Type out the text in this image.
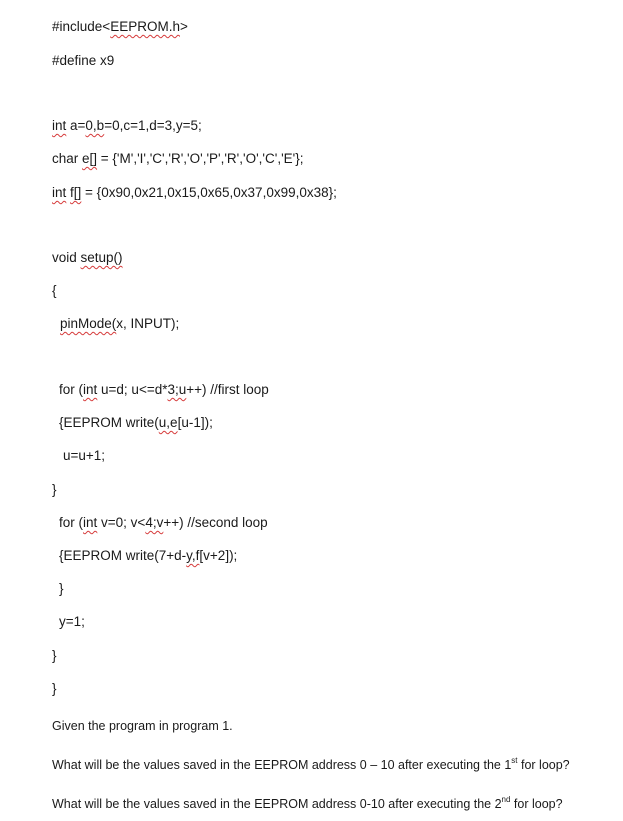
#include<EEPROM.h>
#define x9
int a=0,b=0,c=1,d=3,y=5;
char e[] = {'M','I','C','R','O','P','R','O','C','E'};
int f[] = {0x90,0x21,0x15,0x65,0x37,0x99,0x38};
void setup()
{
pinMode(x, INPUT);
for (int u=d; u<=d*3;u++) //first loop
{EEPROM write(u,e[u-1]);
u=u+1;
}
for (int v=0; v<4;v++) //second loop
{EEPROM write(7+d-y,f[v+2]);
}
y=1;
}
}
Given the program in program 1.
What will be the values saved in the EEPROM address 0 – 10 after executing the 1st for loop?
What will be the values saved in the EEPROM address 0-10 after executing the 2nd for loop?
